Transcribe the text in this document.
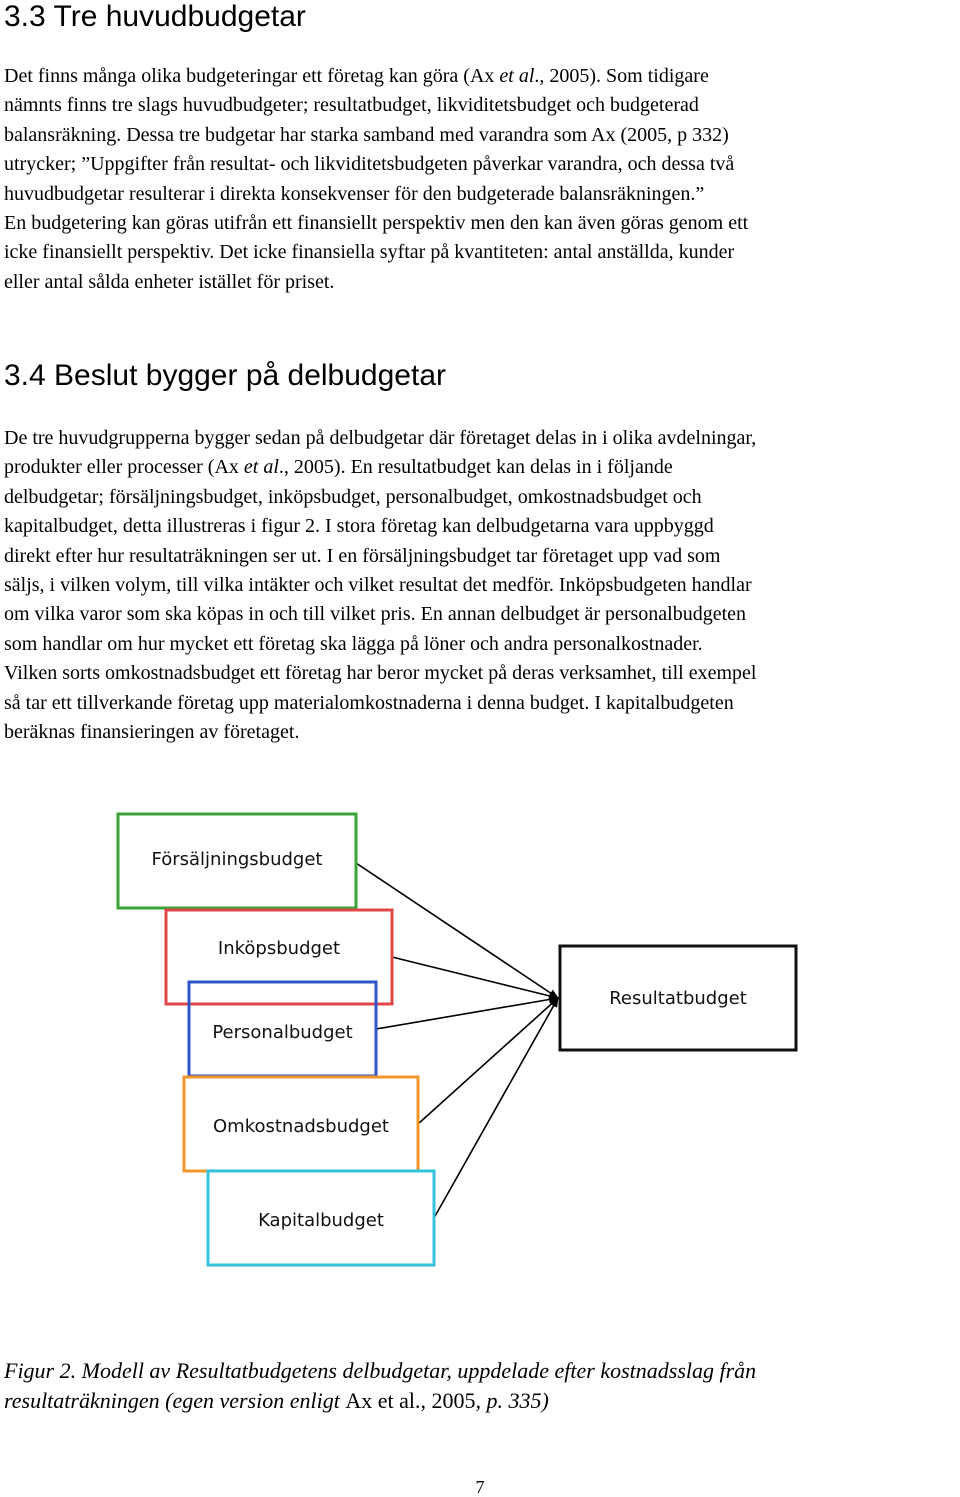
3.3 Tre huvudbudgetar
Det finns många olika budgeteringar ett företag kan göra (Ax et al., 2005). Som tidigare
nämnts finns tre slags huvudbudgeter; resultatbudget, likviditetsbudget och budgeterad
balansräkning. Dessa tre budgetar har starka samband med varandra som Ax (2005, p 332)
utrycker; ”Uppgifter från resultat- och likviditetsbudgeten påverkar varandra, och dessa två
huvudbudgetar resulterar i direkta konsekvenser för den budgeterade balansräkningen.”
En budgetering kan göras utifrån ett finansiellt perspektiv men den kan även göras genom ett
icke finansiellt perspektiv. Det icke finansiella syftar på kvantiteten: antal anställda, kunder
eller antal sålda enheter istället för priset.
3.4 Beslut bygger på delbudgetar
De tre huvudgrupperna bygger sedan på delbudgetar där företaget delas in i olika avdelningar,
produkter eller processer (Ax et al., 2005). En resultatbudget kan delas in i följande
delbudgetar; försäljningsbudget, inköpsbudget, personalbudget, omkostnadsbudget och
kapitalbudget, detta illustreras i figur 2. I stora företag kan delbudgetarna vara uppbyggd
direkt efter hur resultaträkningen ser ut. I en försäljningsbudget tar företaget upp vad som
säljs, i vilken volym, till vilka intäkter och vilket resultat det medför. Inköpsbudgeten handlar
om vilka varor som ska köpas in och till vilket pris. En annan delbudget är personalbudgeten
som handlar om hur mycket ett företag ska lägga på löner och andra personalkostnader.
Vilken sorts omkostnadsbudget ett företag har beror mycket på deras verksamhet, till exempel
så tar ett tillverkande företag upp materialomkostnaderna i denna budget. I kapitalbudgeten
beräknas finansieringen av företaget.
Försäljningsbudget
Inköpsbudget
Personalbudget
Omkostnadsbudget
Kapitalbudget
Resultatbudget
Figur 2. Modell av Resultatbudgetens delbudgetar, uppdelade efter kostnadsslag från
resultaträkningen (egen version enligt Ax et al., 2005, p. 335)
7
